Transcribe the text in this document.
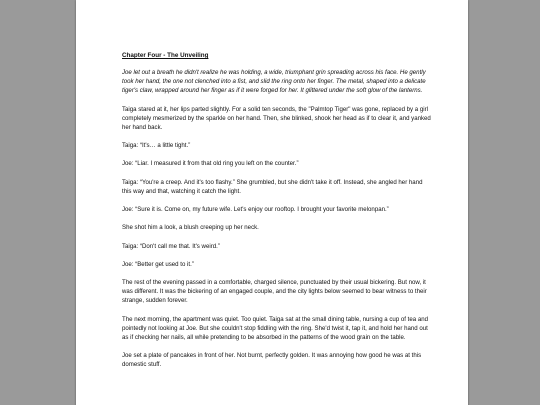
Chapter Four - The Unveiling

Joe let out a breath he didn't realize he was holding, a wide, triumphant grin spreading across his face. He gently took her hand, the one not clenched into a fist, and slid the ring onto her finger. The metal, shaped into a delicate tiger's claw, wrapped around her finger as if it were forged for her. It glittered under the soft glow of the lanterns.

Taiga stared at it, her lips parted slightly. For a solid ten seconds, the "Palmtop Tiger" was gone, replaced by a girl completely mesmerized by the sparkle on her hand. Then, she blinked, shook her head as if to clear it, and yanked her hand back.

Taiga: “It's… a little tight.”

Joe: “Liar. I measured it from that old ring you left on the counter.”

Taiga: “You're a creep. And it's too flashy.” She grumbled, but she didn't take it off. Instead, she angled her hand this way and that, watching it catch the light.

Joe: “Sure it is. Come on, my future wife. Let's enjoy our rooftop. I brought your favorite melonpan.”

She shot him a look, a blush creeping up her neck.

Taiga: “Don't call me that. It's weird.”

Joe: “Better get used to it.”

The rest of the evening passed in a comfortable, charged silence, punctuated by their usual bickering. But now, it was different. It was the bickering of an engaged couple, and the city lights below seemed to bear witness to their strange, sudden forever.

The next morning, the apartment was quiet. Too quiet. Taiga sat at the small dining table, nursing a cup of tea and pointedly not looking at Joe. But she couldn't stop fiddling with the ring. She'd twist it, tap it, and hold her hand out as if checking her nails, all while pretending to be absorbed in the patterns of the wood grain on the table.

Joe set a plate of pancakes in front of her. Not burnt, perfectly golden. It was annoying how good he was at this domestic stuff.
